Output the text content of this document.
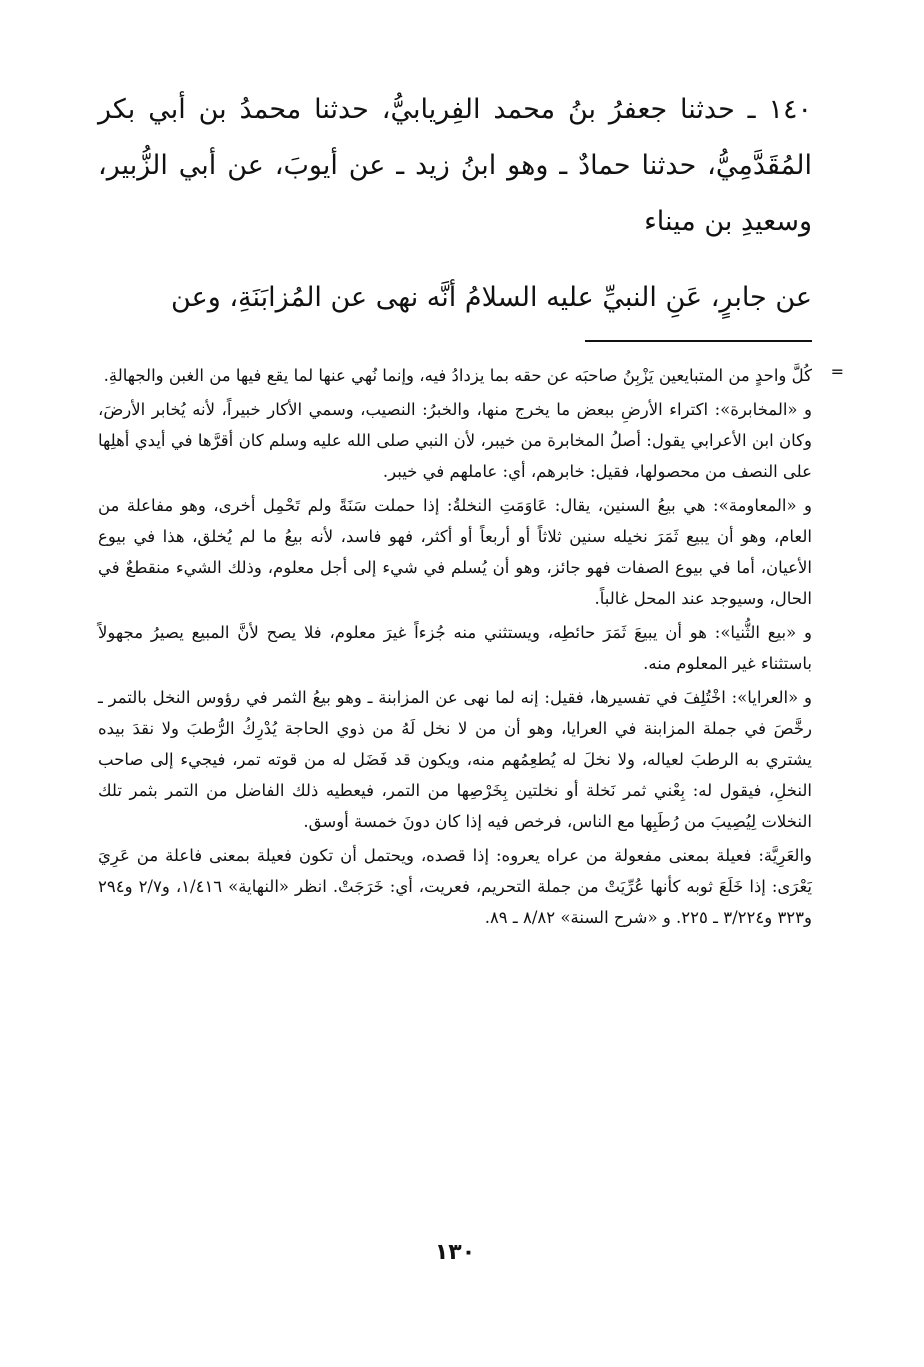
١٤٠ ـ حدثنا جعفرُ بنُ محمد الفِريابيُّ، حدثنا محمدُ بن أبي بكر المُقَدَّمِيُّ، حدثنا حمادٌ ـ وهو ابنُ زيد ـ عن أيوبَ، عن أبي الزُّبير، وسعيدِ بن ميناء

عن جابرٍ، عَنِ النبيِّ عليه السلامُ أنَّه نهى عن المُزابَنَةِ، وعن

=

كُلَّ واحدٍ من المتبايعين يَزْبِنُ صاحبَه عن حقه بما يزدادُ فيه، وإنما نُهي عنها لما يقع فيها من الغبن والجهالةِ.

و «المخابرة»: اكتراء الأرضِ ببعض ما يخرج منها، والخبرُ: النصيب، وسمي الأكار خبيراً، لأنه يُخابر الأرضَ، وكان ابن الأعرابي يقول: أصلُ المخابرة من خيبر، لأن النبي صلى الله عليه وسلم كان أقرَّها في أيدي أهلِها على النصف من محصولها، فقيل: خابرهم، أي: عاملهم في خيبر.

و «المعاومة»: هي بيعُ السنين، يقال: عَاوَمَتِ النخلةُ: إذا حملت سَنَةً ولم تَحْمِل أخرى، وهو مفاعلة من العام، وهو أن يبيع ثَمَرَ نخيله سنين ثلاثاً أو أربعاً أو أكثر، فهو فاسد، لأنه بيعُ ما لم يُخلق، هذا في بيوع الأعيان، أما في بيوع الصفات فهو جائز، وهو أن يُسلم في شيء إلى أجل معلوم، وذلك الشيء منقطعٌ في الحال، وسيوجد عند المحل غالباً.

و «بيع الثُّنيا»: هو أن يبيعَ ثَمَرَ حائطِه، ويستثني منه جُزءاً غيرَ معلوم، فلا يصح لأنَّ المبيع يصيرُ مجهولاً باستثناء غير المعلوم منه.

و «العرايا»: اخْتُلِفَ في تفسيرها، فقيل: إنه لما نهى عن المزابنة ـ وهو بيعُ الثمر في رؤوس النخل بالتمر ـ رخَّصَ في جملة المزابنة في العرايا، وهو أن من لا نخل لَهُ من ذوي الحاجة يُدْرِكُ الرُّطبَ ولا نقدَ بيده يشتري به الرطبَ لعياله، ولا نخلَ له يُطعِمُهم منه، ويكون قد فَضَل له من قوته تمر، فيجيء إلى صاحب النخلِ، فيقول له: بِعْني ثمر نَخلة أو نخلتين بِخَرْصِها من التمر، فيعطيه ذلك الفاضل من التمر بثمر تلك النخلات لِيُصِيبَ من رُطَبِها مع الناس، فرخص فيه إذا كان دونَ خمسة أوسق.

والعَرِيَّة: فعيلة بمعنى مفعولة من عراه يعروه: إذا قصده، ويحتمل أن تكون فعيلة بمعنى فاعلة من عَرِيَ يَعْرَى: إذا خَلَعَ ثوبه كأنها عُرِّيَتْ من جملة التحريم، فعريت، أي: خَرَجَتْ. انظر «النهاية» ١/٤١٦، و٢/٧ و٢٩٤ و٣٢٣ و٣/٢٢٤ ـ ٢٢٥. و «شرح السنة» ٨/٨٢ ـ ٨٩.

١٣٠
